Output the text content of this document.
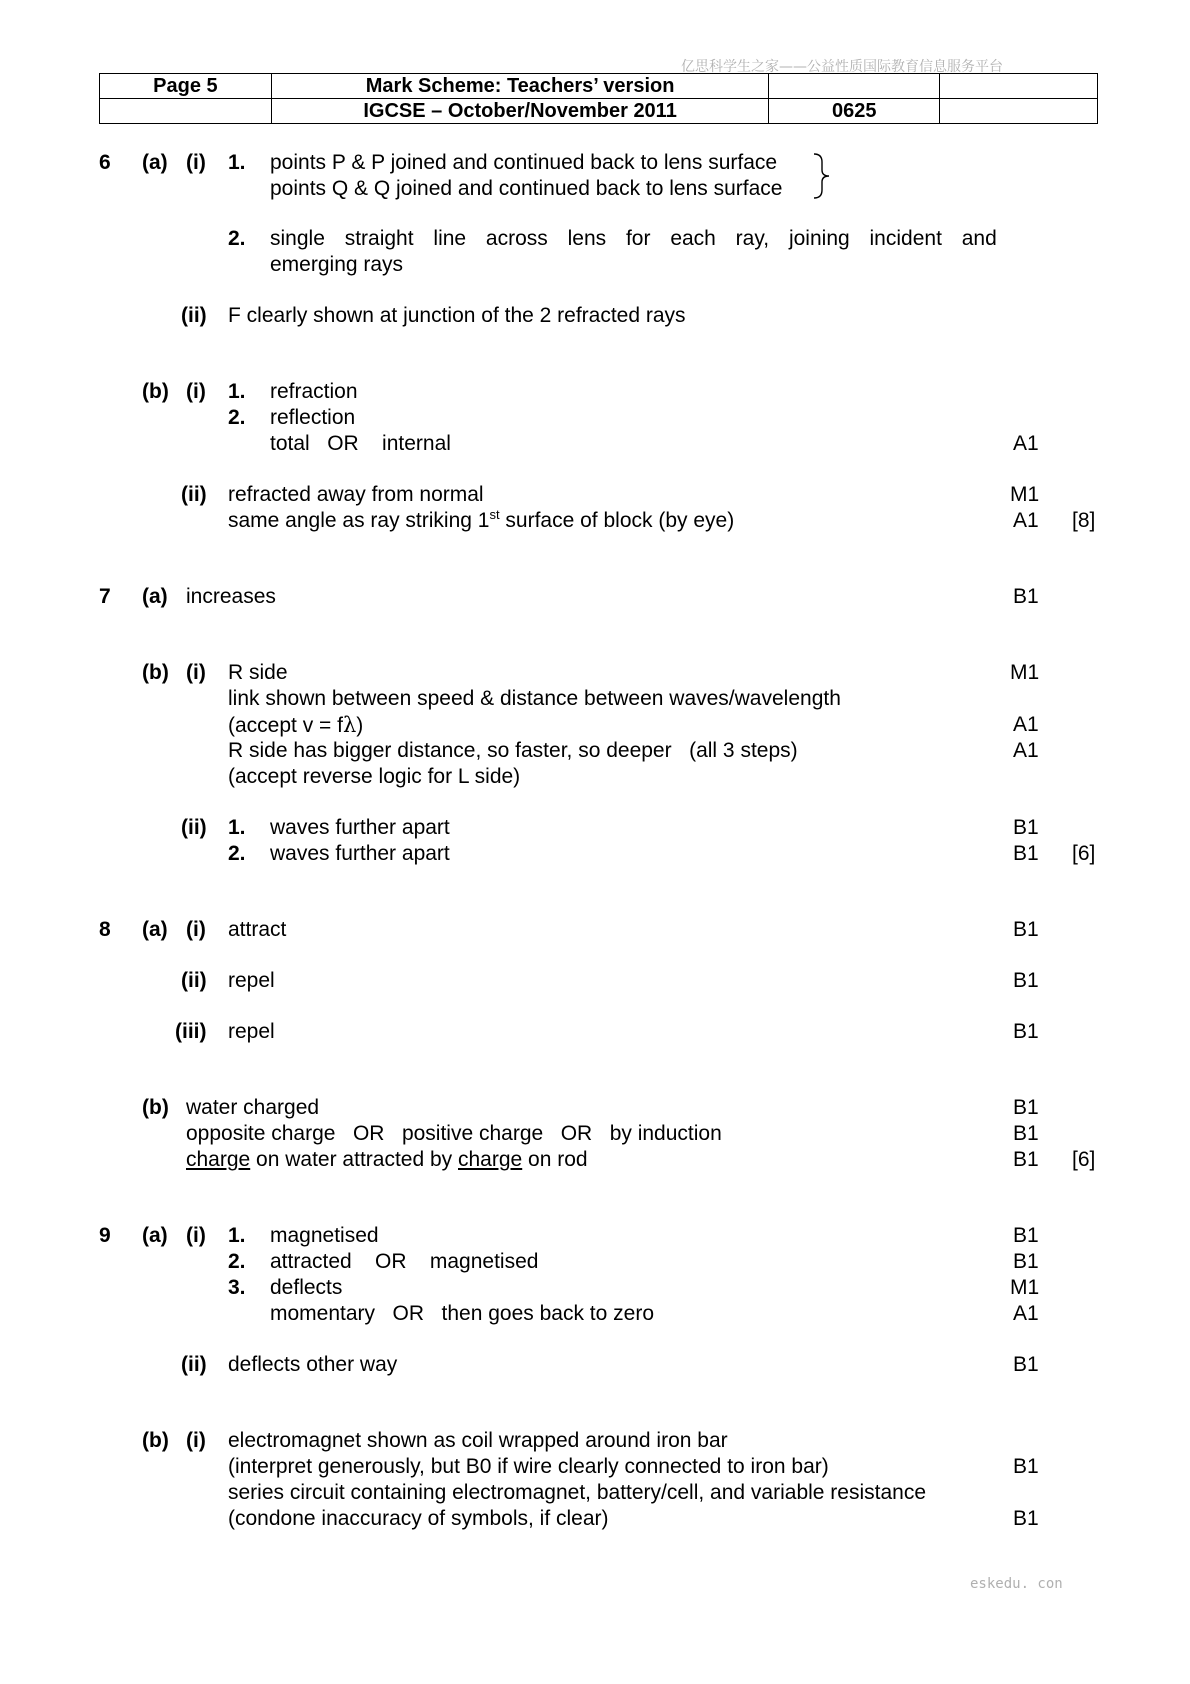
亿思科学生之家——公益性质国际教育信息服务平台
eskedu. con
Page 5	Mark Scheme: Teachers’ version		
	IGCSE – October/November 2011	0625	
6 (a) (i) 1. points P & P joined and continued back to lens surface
points Q & Q joined and continued back to lens surface
2. single straight line across lens for each ray, joining incident and
emerging rays
(ii) F clearly shown at junction of the 2 refracted rays
(b) (i) 1. refraction
2. reflection
total   OR    internal	A1
(ii) refracted away from normal	M1
same angle as ray striking 1st surface of block (by eye)	A1 [8]
7 (a) increases	B1
(b) (i) R side	M1
link shown between speed & distance between waves/wavelength
(accept v = fλ)	A1
R side has bigger distance, so faster, so deeper   (all 3 steps)	A1
(accept reverse logic for L side)
(ii) 1. waves further apart	B1
2. waves further apart	B1 [6]
8 (a) (i) attract	B1
(ii) repel	B1
(iii) repel	B1
(b) water charged	B1
opposite charge   OR   positive charge   OR   by induction	B1
charge on water attracted by charge on rod	B1 [6]
9 (a) (i) 1. magnetised	B1
2. attracted    OR    magnetised	B1
3. deflects	M1
momentary   OR   then goes back to zero	A1
(ii) deflects other way	B1
(b) (i) electromagnet shown as coil wrapped around iron bar
(interpret generously, but B0 if wire clearly connected to iron bar)	B1
series circuit containing electromagnet, battery/cell, and variable resistance
(condone inaccuracy of symbols, if clear)	B1
